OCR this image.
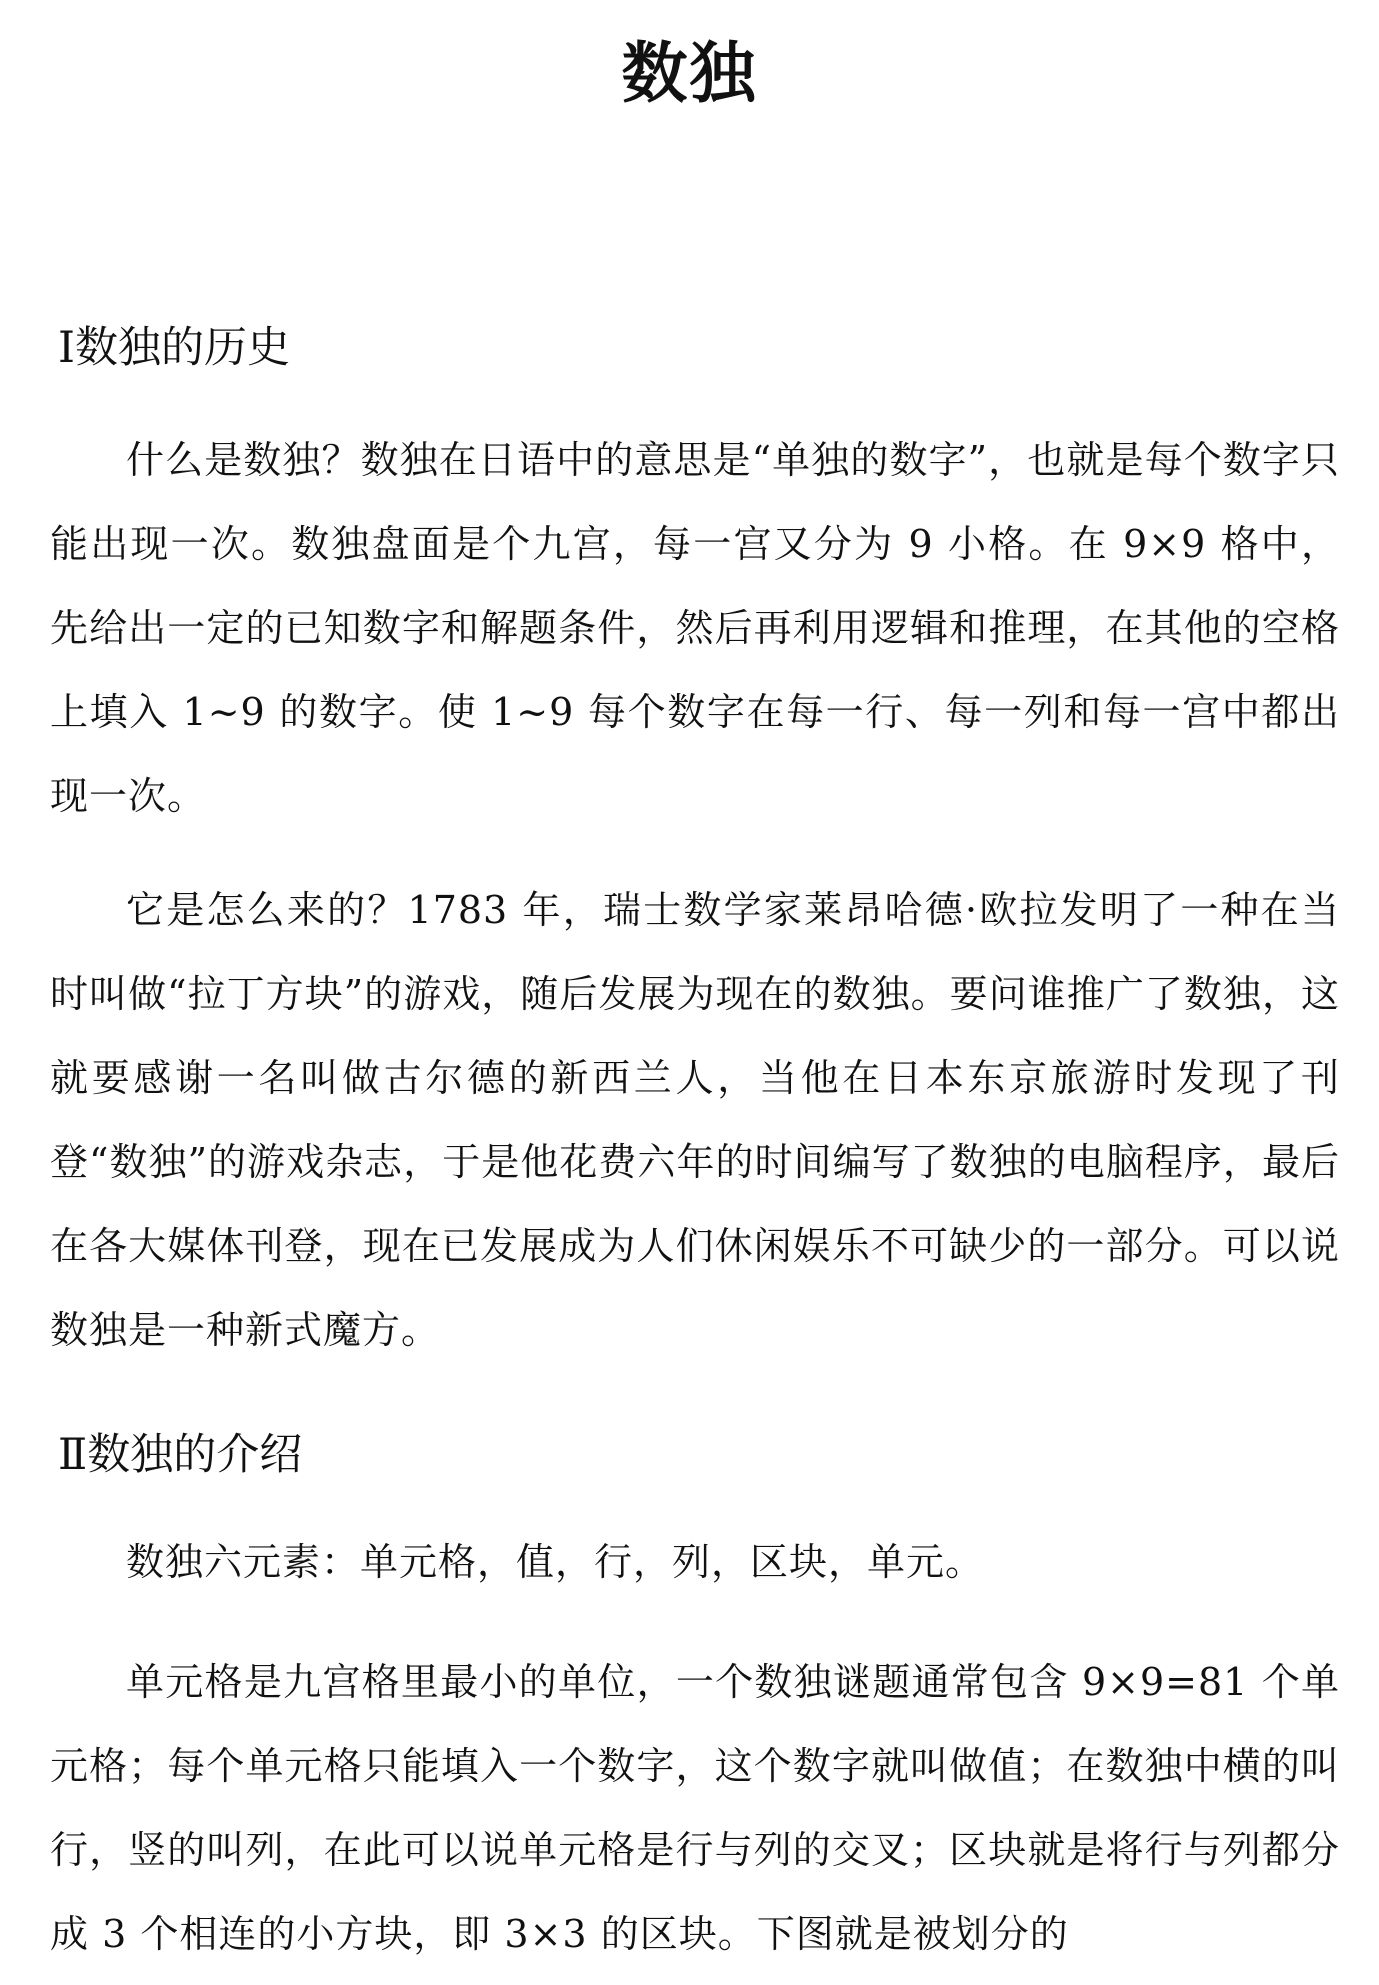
数独
Ⅰ数独的历史

什么是数独？数独在日语中的意思是“单独的数字”，也就是每个数字只能出现一次。数独盘面是个九宫，每一宫又分为 9 小格。在 9×9 格中，先给出一定的已知数字和解题条件，然后再利用逻辑和推理，在其他的空格上填入 1~9 的数字。使 1~9 每个数字在每一行、每一列和每一宫中都出现一次。

它是怎么来的？1783 年，瑞士数学家莱昂哈德·欧拉发明了一种在当时叫做“拉丁方块”的游戏，随后发展为现在的数独。要问谁推广了数独，这就要感谢一名叫做古尔德的新西兰人，当他在日本东京旅游时发现了刊登“数独”的游戏杂志，于是他花费六年的时间编写了数独的电脑程序，最后在各大媒体刊登，现在已发展成为人们休闲娱乐不可缺少的一部分。可以说数独是一种新式魔方。

Ⅱ数独的介绍

数独六元素：单元格，值，行，列，区块，单元。

单元格是九宫格里最小的单位，一个数独谜题通常包含 9×9=81 个单元格；每个单元格只能填入一个数字，这个数字就叫做值；在数独中横的叫行，竖的叫列，在此可以说单元格是行与列的交叉；区块就是将行与列都分成 3 个相连的小方块，即 3×3 的区块。下图就是被划分的
